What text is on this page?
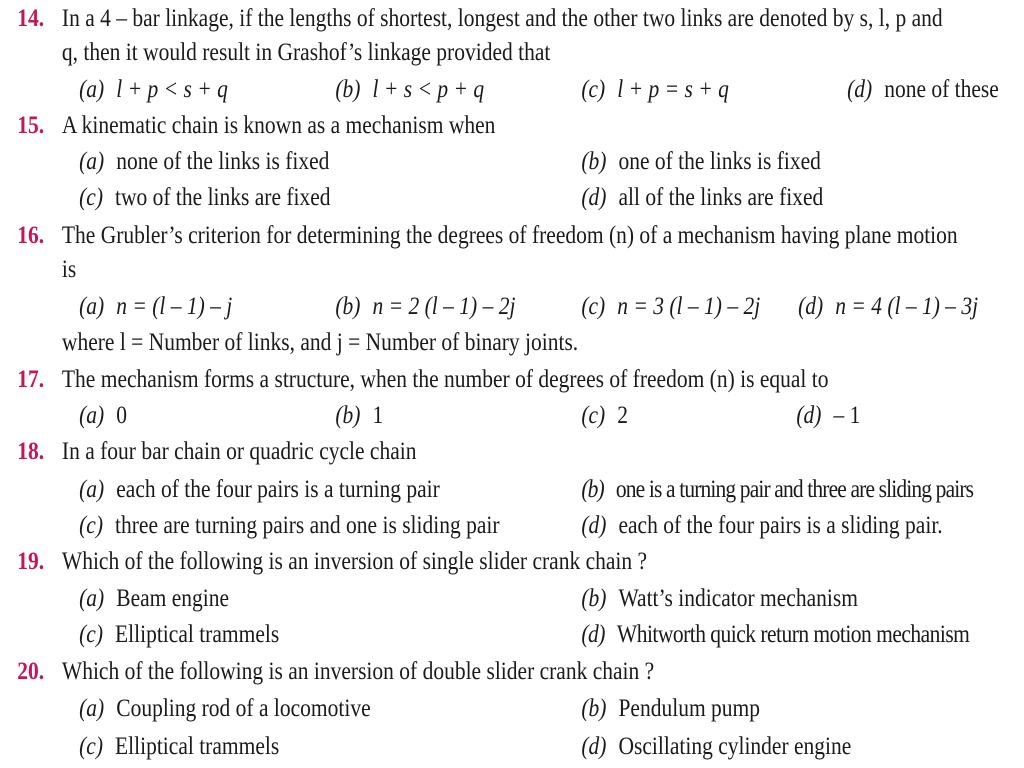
14. In a 4 – bar linkage, if the lengths of shortest, longest and the other two links are denoted by s, l, p and
q, then it would result in Grashof’s linkage provided that
(a) l + p < s + q	(b) l + s < p + q	(c) l + p = s + q	(d) none of these
15. A kinematic chain is known as a mechanism when
(a) none of the links is fixed	(b) one of the links is fixed
(c) two of the links are fixed	(d) all of the links are fixed
16. The Grubler’s criterion for determining the degrees of freedom (n) of a mechanism having plane motion
is
(a) n = (l – 1) – j	(b) n = 2 (l – 1) – 2j	(c) n = 3 (l – 1) – 2j (d) n = 4 (l – 1) – 3j
where l = Number of links, and j = Number of binary joints.
17. The mechanism forms a structure, when the number of degrees of freedom (n) is equal to
(a) 0	(b) 1	(c) 2	(d) – 1
18. In a four bar chain or quadric cycle chain
(a) each of the four pairs is a turning pair	(b) one is a turning pair and three are sliding pairs
(c) three are turning pairs and one is sliding pair	(d) each of the four pairs is a sliding pair.
19. Which of the following is an inversion of single slider crank chain ?
(a) Beam engine	(b) Watt’s indicator mechanism
(c) Elliptical trammels	(d) Whitworth quick return motion mechanism
20. Which of the following is an inversion of double slider crank chain ?
(a) Coupling rod of a locomotive	(b) Pendulum pump
(c) Elliptical trammels	(d) Oscillating cylinder engine
